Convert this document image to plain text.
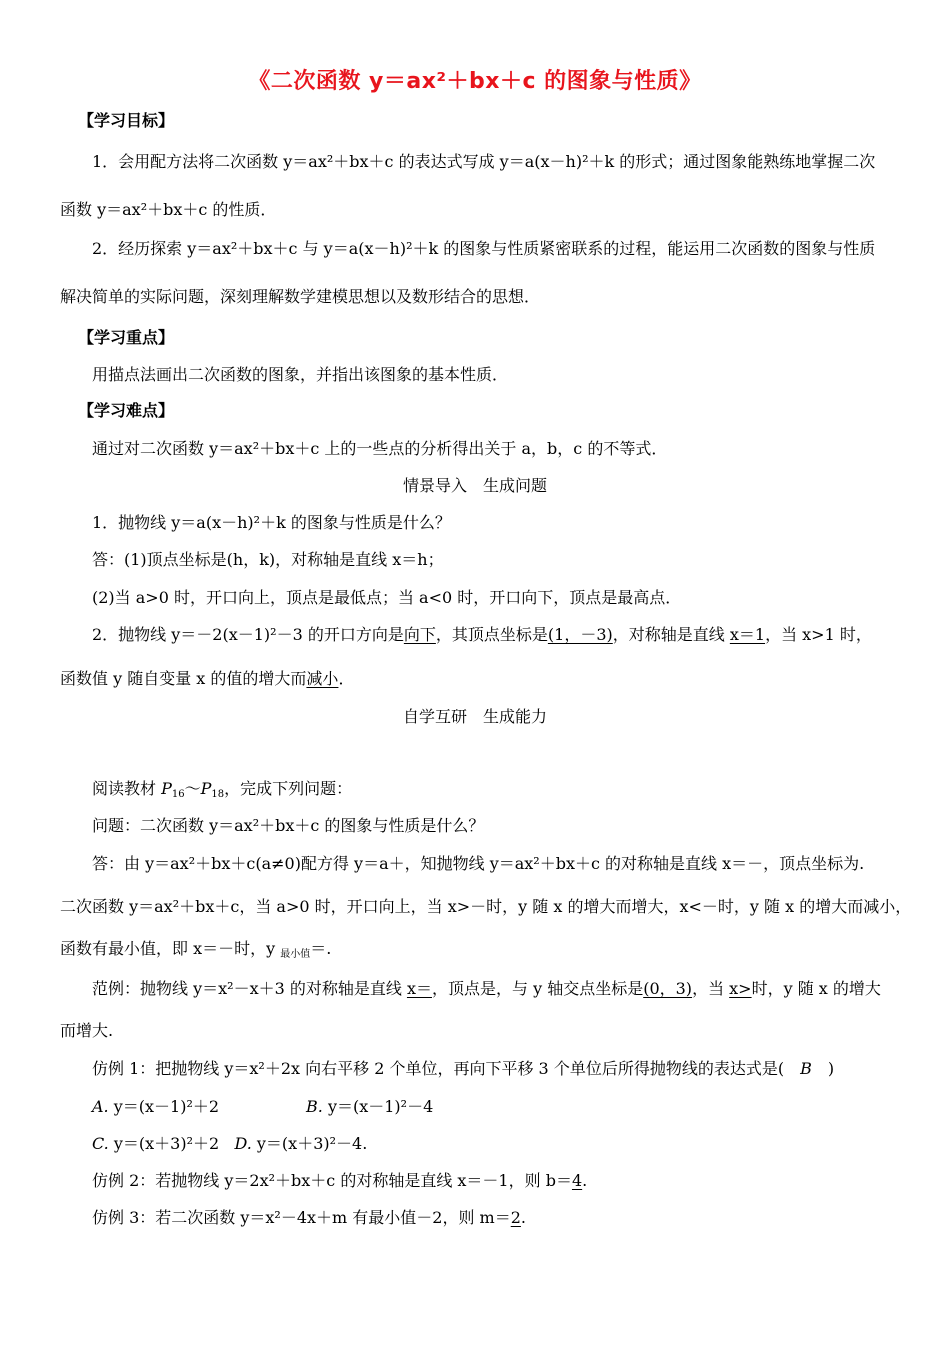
《二次函数 y＝ax²＋bx＋c 的图象与性质》
【学习目标】
1．会用配方法将二次函数 y＝ax²＋bx＋c 的表达式写成 y＝a(x－h)²＋k 的形式；通过图象能熟练地掌握二次
函数 y＝ax²＋bx＋c 的性质．
2．经历探索 y＝ax²＋bx＋c 与 y＝a(x－h)²＋k 的图象与性质紧密联系的过程，能运用二次函数的图象与性质
解决简单的实际问题，深刻理解数学建模思想以及数形结合的思想．
【学习重点】
用描点法画出二次函数的图象，并指出该图象的基本性质．
【学习难点】
通过对二次函数 y＝ax²＋bx＋c 上的一些点的分析得出关于 a，b，c 的不等式．
情景导入　生成问题
1．抛物线 y＝a(x－h)²＋k 的图象与性质是什么？
答：(1)顶点坐标是(h，k)，对称轴是直线 x＝h；
(2)当 a>0 时，开口向上，顶点是最低点；当 a<0 时，开口向下，顶点是最高点．
2．抛物线 y＝－2(x－1)²－3 的开口方向是向下，其顶点坐标是(1，－3)，对称轴是直线 x＝1，当 x>1 时，
函数值 y 随自变量 x 的值的增大而减小．
自学互研　生成能力
阅读教材 $P_{16}\sim P_{18}$，完成下列问题：
问题：二次函数 y＝ax²＋bx＋c 的图象与性质是什么？
答：由 y＝ax²＋bx＋c(a≠0)配方得 y＝a＋，知抛物线 y＝ax²＋bx＋c 的对称轴是直线 x＝－，顶点坐标为.
二次函数 y＝ax²＋bx＋c，当 a>0 时，开口向上，当 x>－时，y 随 x 的增大而增大，x<－时，y 随 x 的增大而减小，
函数有最小值，即 x＝－时，y $_{最小值}$＝.
范例：抛物线 y＝x²－x＋3 的对称轴是直线 x＝，顶点是，与 y 轴交点坐标是(0，3)，当 x>时，y 随 x 的增大
而增大.
仿例 1：把抛物线 y＝x²＋2x 向右平移 2 个单位，再向下平移 3 个单位后所得抛物线的表达式是(　B　)
A. y＝(x－1)²＋2	B. y＝(x－1)²－4
C. y＝(x＋3)²＋2 D. y＝(x＋3)²－4.
仿例 2：若抛物线 y＝2x²＋bx＋c 的对称轴是直线 x＝－1，则 b＝4.
仿例 3：若二次函数 y＝x²－4x＋m 有最小值－2，则 m＝2.
